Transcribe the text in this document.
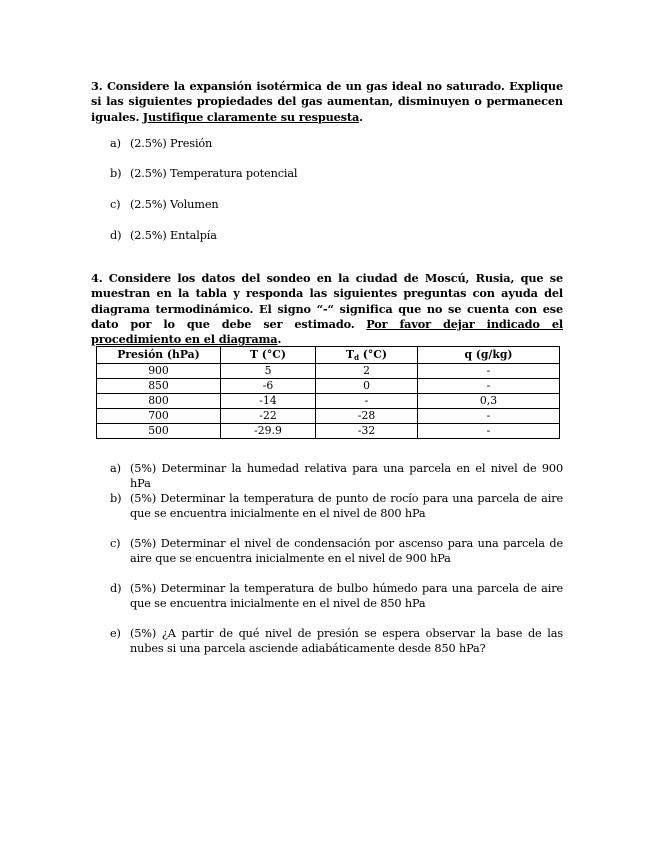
3. Considere la expansión isotérmica de un gas ideal no saturado. Explique si las siguientes propiedades del gas aumentan, disminuyen o permanecen iguales. Justifique claramente su respuesta.
a) (2.5%) Presión
b) (2.5%) Temperatura potencial
c) (2.5%) Volumen
d) (2.5%) Entalpía
4. Considere los datos del sondeo en la ciudad de Moscú, Rusia, que se muestran en la tabla y responda las siguientes preguntas con ayuda del diagrama termodinámico. El signo “-“ significa que no se cuenta con ese dato por lo que debe ser estimado. Por favor dejar indicado el procedimiento en el diagrama.
Presión (hPa)	T (°C)	$T_d$ (°C)	q (g/kg)
900	5	2	-
850	-6	0	-
800	-14	-	0,3
700	-22	-28	-
500	-29.9	-32	-
a) (5%) Determinar la humedad relativa para una parcela en el nivel de 900 hPa
b) (5%) Determinar la temperatura de punto de rocío para una parcela de aire que se encuentra inicialmente en el nivel de 800 hPa
c) (5%) Determinar el nivel de condensación por ascenso para una parcela de aire que se encuentra inicialmente en el nivel de 900 hPa
d) (5%) Determinar la temperatura de bulbo húmedo para una parcela de aire que se encuentra inicialmente en el nivel de 850 hPa
e) (5%) ¿A partir de qué nivel de presión se espera observar la base de las nubes si una parcela asciende adiabáticamente desde 850 hPa?
